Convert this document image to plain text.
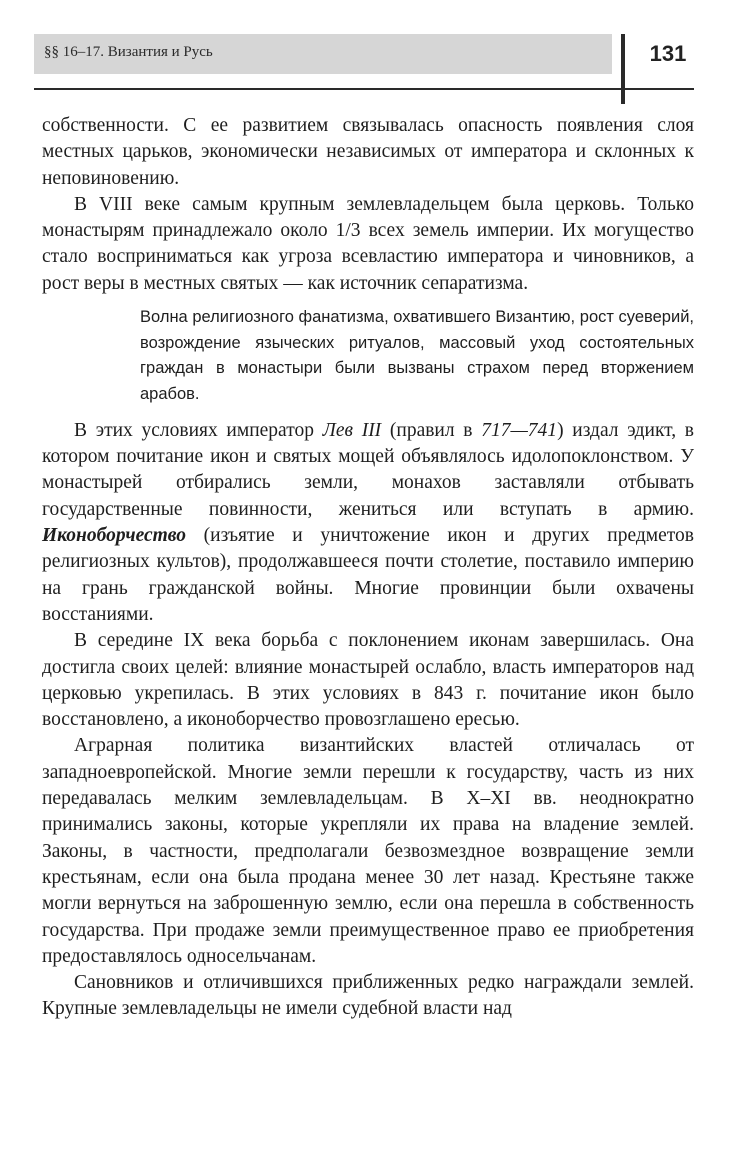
§§ 16–17. Византия и Русь	131

собственности. С ее развитием связывалась опасность появления слоя местных царьков, экономически независимых от императора и склонных к неповиновению.

В VIII веке самым крупным землевладельцем была церковь. Только монастырям принадлежало около 1/3 всех земель империи. Их могущество стало восприниматься как угроза всевластию императора и чиновников, а рост веры в местных святых — как источник сепаратизма.

Волна религиозного фанатизма, охватившего Византию, рост суеверий, возрождение языческих ритуалов, массовый уход состоятельных граждан в монастыри были вызваны страхом перед вторжением арабов.

В этих условиях император Лев III (правил в 717—741) издал эдикт, в котором почитание икон и святых мощей объявлялось идолопоклонством. У монастырей отбирались земли, монахов заставляли отбывать государственные повинности, жениться или вступать в армию. Иконоборчество (изъятие и уничтожение икон и других предметов религиозных культов), продолжавшееся почти столетие, поставило империю на грань гражданской войны. Многие провинции были охвачены восстаниями.

В середине IX века борьба с поклонением иконам завершилась. Она достигла своих целей: влияние монастырей ослабло, власть императоров над церковью укрепилась. В этих условиях в 843 г. почитание икон было восстановлено, а иконоборчество провозглашено ересью.

Аграрная политика византийских властей отличалась от западноевропейской. Многие земли перешли к государству, часть из них передавалась мелким землевладельцам. В X–XI вв. неоднократно принимались законы, которые укрепляли их права на владение землей. Законы, в частности, предполагали безвозмездное возвращение земли крестьянам, если она была продана менее 30 лет назад. Крестьяне также могли вернуться на заброшенную землю, если она перешла в собственность государства. При продаже земли преимущественное право ее приобретения предоставлялось односельчанам.

Сановников и отличившихся приближенных редко награждали землей. Крупные землевладельцы не имели судебной власти над
